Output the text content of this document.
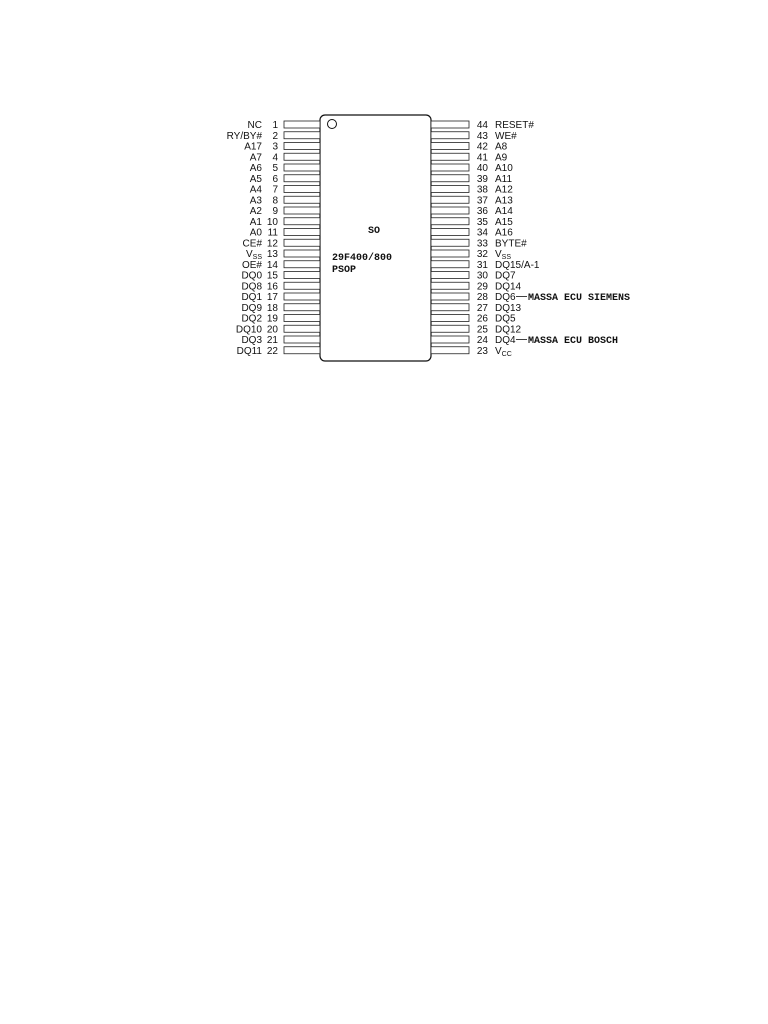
SO
29F400/800
PSOP
1
NC
2
RY/BY#
3
A17
4
A7
5
A6
6
A5
7
A4
8
A3
9
A2
10
A1
11
A0
12
CE#
13
$V_{SS}$
14
OE#
15
DQ0
16
DQ8
17
DQ1
18
DQ9
19
DQ2
20
DQ10
21
DQ3
22
DQ11
44 RESET#
43 WE#
42 A8
41 A9
40 A10
39 A11
38 A12
37 A13
36 A14
35 A15
34 A16
33 BYTE#
32 $V_{SS}$
31 DQ15/A-1
30 DQ7
29 DQ14
28 DQ6 MASSA ECU SIEMENS
27 DQ13
26 DQ5
25 DQ12
24 DQ4 MASSA ECU BOSCH
23 $V_{CC}$
